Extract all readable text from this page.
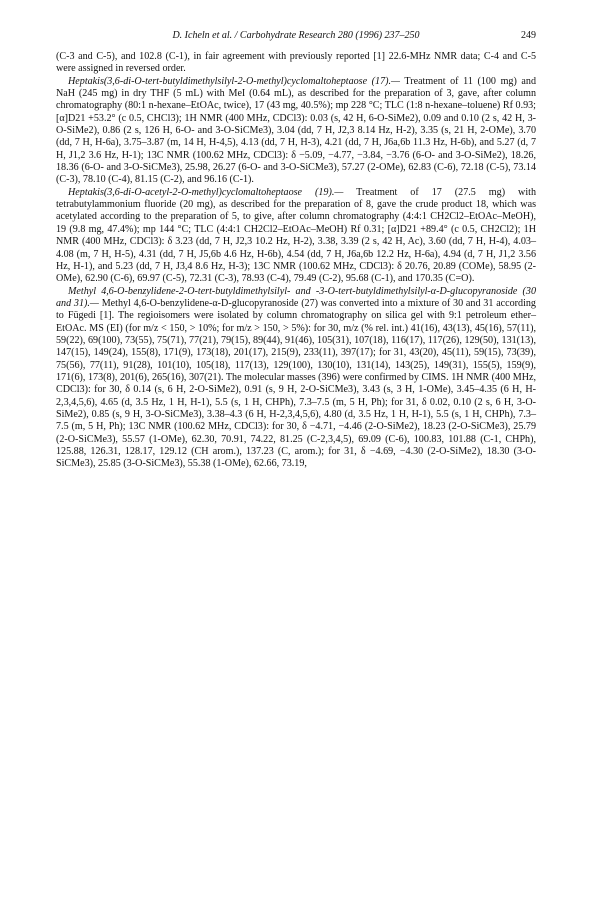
D. Icheln et al. / Carbohydrate Research 280 (1996) 237–250	249

(C-3 and C-5), and 102.8 (C-1), in fair agreement with previously reported [1] 22.6-MHz NMR data; C-4 and C-5 were assigned in reversed order.

Heptakis(3,6-di-O-tert-butyldimethylsilyl-2-O-methyl)cyclomaltoheptaose (17).— Treatment of 11 (100 mg) and NaH (245 mg) in dry THF (5 mL) with MeI (0.64 mL), as described for the preparation of 3, gave, after column chromatography (80:1 n-hexane–EtOAc, twice), 17 (43 mg, 40.5%); mp 228 °C; TLC (1:8 n-hexane–toluene) Rf 0.93; [α]D21 +53.2° (c 0.5, CHCl3); 1H NMR (400 MHz, CDCl3): 0.03 (s, 42 H, 6-O-SiMe2), 0.09 and 0.10 (2 s, 42 H, 3-O-SiMe2), 0.86 (2 s, 126 H, 6-O- and 3-O-SiCMe3), 3.04 (dd, 7 H, J2,3 8.14 Hz, H-2), 3.35 (s, 21 H, 2-OMe), 3.70 (dd, 7 H, H-6a), 3.75–3.87 (m, 14 H, H-4,5), 4.13 (dd, 7 H, H-3), 4.21 (dd, 7 H, J6a,6b 11.3 Hz, H-6b), and 5.27 (d, 7 H, J1,2 3.6 Hz, H-1); 13C NMR (100.62 MHz, CDCl3): δ −5.09, −4.77, −3.84, −3.76 (6-O- and 3-O-SiMe2), 18.26, 18.36 (6-O- and 3-O-SiCMe3), 25.98, 26.27 (6-O- and 3-O-SiCMe3), 57.27 (2-OMe), 62.83 (C-6), 72.18 (C-5), 73.14 (C-3), 78.10 (C-4), 81.15 (C-2), and 96.16 (C-1).

Heptakis(3,6-di-O-acetyl-2-O-methyl)cyclomaltoheptaose (19).— Treatment of 17 (27.5 mg) with tetrabutylammonium fluoride (20 mg), as described for the preparation of 8, gave the crude product 18, which was acetylated according to the preparation of 5, to give, after column chromatography (4:4:1 CH2Cl2–EtOAc–MeOH), 19 (9.8 mg, 47.4%); mp 144 °C; TLC (4:4:1 CH2Cl2–EtOAc–MeOH) Rf 0.31; [α]D21 +89.4° (c 0.5, CH2Cl2); 1H NMR (400 MHz, CDCl3): δ 3.23 (dd, 7 H, J2,3 10.2 Hz, H-2), 3.38, 3.39 (2 s, 42 H, Ac), 3.60 (dd, 7 H, H-4), 4.03–4.08 (m, 7 H, H-5), 4.31 (dd, 7 H, J5,6b 4.6 Hz, H-6b), 4.54 (dd, 7 H, J6a,6b 12.2 Hz, H-6a), 4.94 (d, 7 H, J1,2 3.56 Hz, H-1), and 5.23 (dd, 7 H, J3,4 8.6 Hz, H-3); 13C NMR (100.62 MHz, CDCl3): δ 20.76, 20.89 (COMe), 58.95 (2-OMe), 62.90 (C-6), 69.97 (C-5), 72.31 (C-3), 78.93 (C-4), 79.49 (C-2), 95.68 (C-1), and 170.35 (C=O).

Methyl 4,6-O-benzylidene-2-O-tert-butyldimethylsilyl- and -3-O-tert-butyldimethylsilyl-α-D-glucopyranoside (30 and 31).— Methyl 4,6-O-benzylidene-α-D-glucopyranoside (27) was converted into a mixture of 30 and 31 according to Fügedi [1]. The regioisomers were isolated by column chromatography on silica gel with 9:1 petroleum ether–EtOAc. MS (EI) (for m/z < 150, > 10%; for m/z > 150, > 5%): for 30, m/z (% rel. int.) 41(16), 43(13), 45(16), 57(11), 59(22), 69(100), 73(55), 75(71), 77(21), 79(15), 89(44), 91(46), 105(31), 107(18), 116(17), 117(26), 129(50), 131(13), 147(15), 149(24), 155(8), 171(9), 173(18), 201(17), 215(9), 233(11), 397(17); for 31, 43(20), 45(11), 59(15), 73(39), 75(56), 77(11), 91(28), 101(10), 105(18), 117(13), 129(100), 130(10), 131(14), 143(25), 149(31), 155(5), 159(9), 171(6), 173(8), 201(6), 265(16), 307(21). The molecular masses (396) were confirmed by CIMS. 1H NMR (400 MHz, CDCl3): for 30, δ 0.14 (s, 6 H, 2-O-SiMe2), 0.91 (s, 9 H, 2-O-SiCMe3), 3.43 (s, 3 H, 1-OMe), 3.45–4.35 (6 H, H-2,3,4,5,6), 4.65 (d, 3.5 Hz, 1 H, H-1), 5.5 (s, 1 H, CHPh), 7.3–7.5 (m, 5 H, Ph); for 31, δ 0.02, 0.10 (2 s, 6 H, 3-O-SiMe2), 0.85 (s, 9 H, 3-O-SiCMe3), 3.38–4.3 (6 H, H-2,3,4,5,6), 4.80 (d, 3.5 Hz, 1 H, H-1), 5.5 (s, 1 H, CHPh), 7.3–7.5 (m, 5 H, Ph); 13C NMR (100.62 MHz, CDCl3): for 30, δ −4.71, −4.46 (2-O-SiMe2), 18.23 (2-O-SiCMe3), 25.79 (2-O-SiCMe3), 55.57 (1-OMe), 62.30, 70.91, 74.22, 81.25 (C-2,3,4,5), 69.09 (C-6), 100.83, 101.88 (C-1, CHPh), 125.88, 126.31, 128.17, 129.12 (CH arom.), 137.23 (C, arom.); for 31, δ −4.69, −4.30 (2-O-SiMe2), 18.30 (3-O-SiCMe3), 25.85 (3-O-SiCMe3), 55.38 (1-OMe), 62.66, 73.19,
